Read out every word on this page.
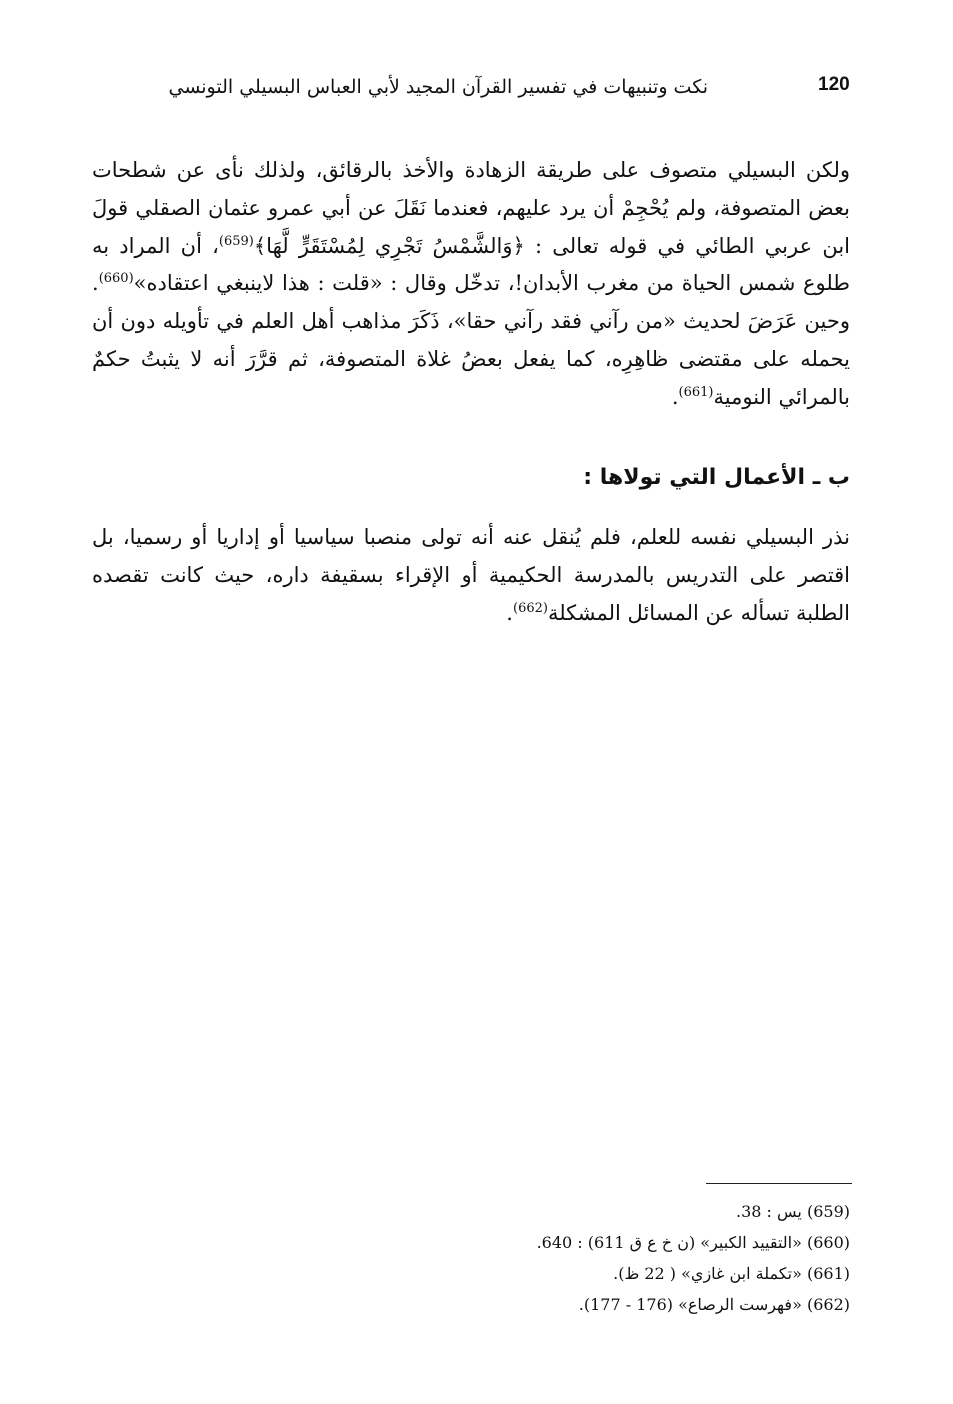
120
نكت وتنبيهات في تفسير القرآن المجيد لأبي العباس البسيلي التونسي
ولكن البسيلي متصوف على طريقة الزهادة والأخذ بالرقائق، ولذلك نأى عن شطحات بعض المتصوفة، ولم يُحْجِمْ أن يرد عليهم، فعندما نَقَلَ عن أبي عمرو عثمان الصقلي قولَ ابن عربي الطائي في قوله تعالى : ﴿وَالشَّمْسُ تَجْرِي لِمُسْتَقَرٍّ لَّهَا﴾$^{(659)}$، أن المراد به طلوع شمس الحياة من مغرب الأبدان!، تدخّل وقال : «قلت : هذا لاينبغي اعتقاده»$^{(660)}$. وحين عَرَضَ لحديث «من رآني فقد رآني حقا»، ذَكَرَ مذاهب أهل العلم في تأويله دون أن يحمله على مقتضى ظاهِرِه، كما يفعل بعضُ غلاة المتصوفة، ثم قرَّرَ أنه لا يثبتُ حكمٌ بالمرائي النومية$^{(661)}$.
ب ـ الأعمال التي تولاها :
نذر البسيلي نفسه للعلم، فلم يُنقل عنه أنه تولى منصبا سياسيا أو إداريا أو رسميا، بل اقتصر على التدريس بالمدرسة الحكيمية أو الإقراء بسقيفة داره، حيث كانت تقصده الطلبة تسأله عن المسائل المشكلة$^{(662)}$.
(659) يس : 38.
(660) «التقييد الكبير» (ن خ ع ق 611) : 640.
(661) «تكملة ابن غازي» ( 22 ظ).
(662) «فهرست الرصاع» (176 - 177).
